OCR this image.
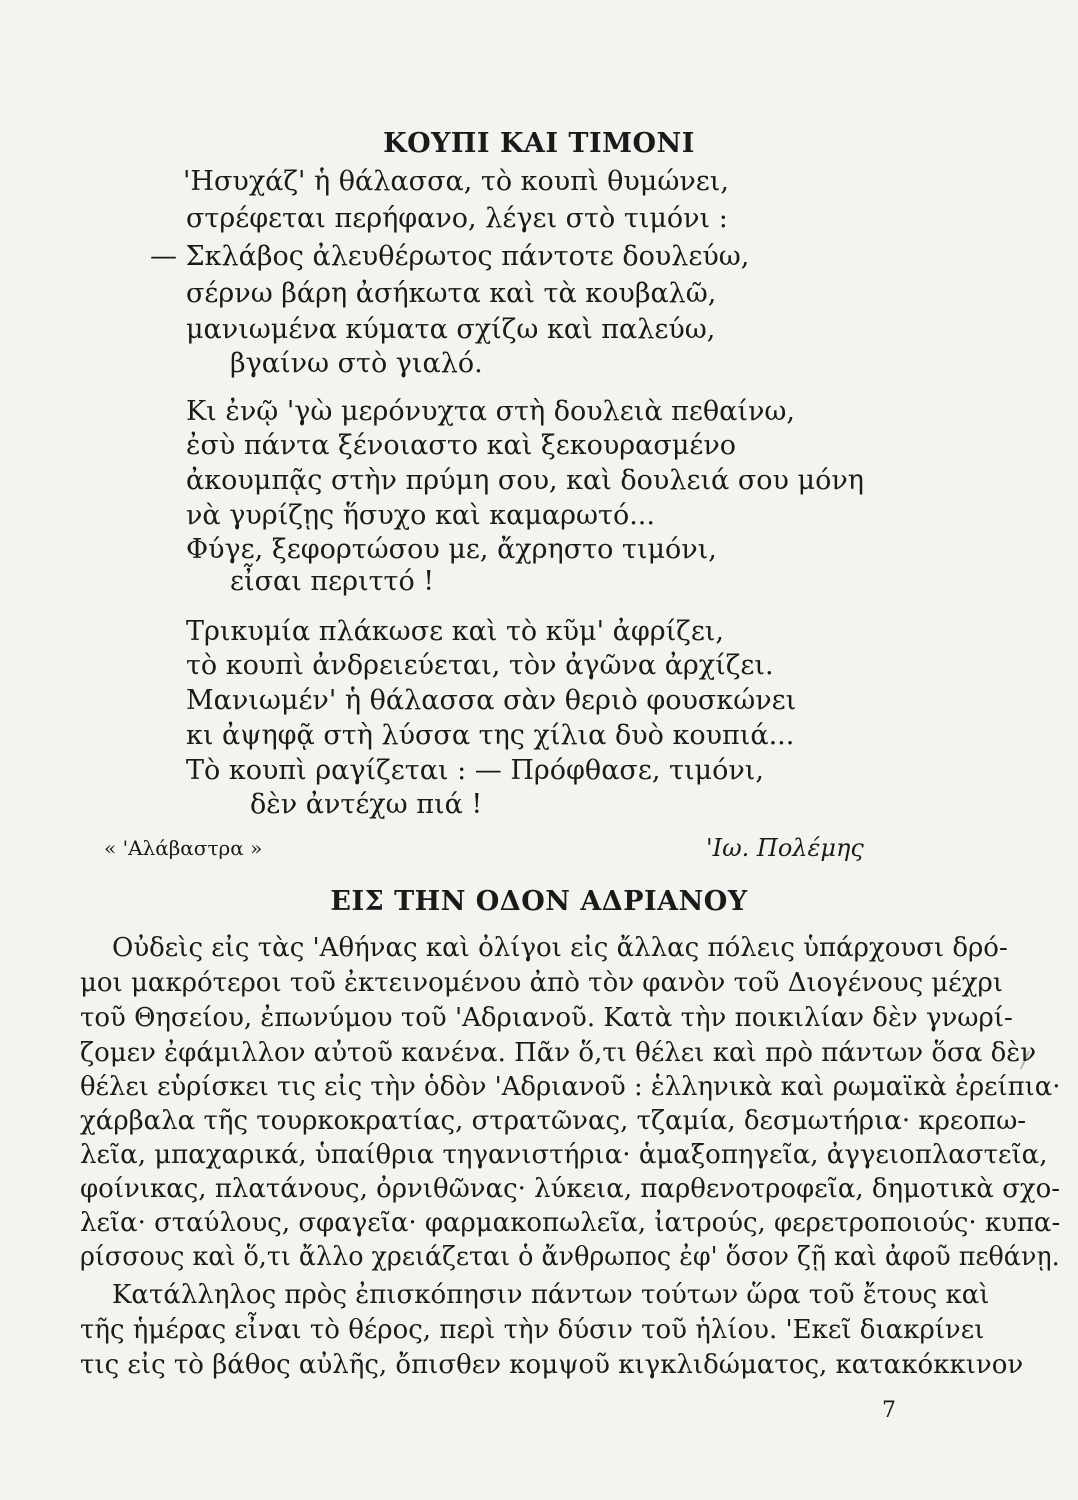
ΚΟΥΠΙ ΚΑΙ ΤΙΜΟΝΙ
'Ησυχάζ' ἡ θάλασσα, τὸ κουπὶ θυμώνει,
στρέφεται περήφανο, λέγει στὸ τιμόνι :
— Σκλάβος ἀλευθέρωτος πάντοτε δουλεύω,
σέρνω βάρη ἀσήκωτα καὶ τὰ κουβαλῶ,
μανιωμένα κύματα σχίζω καὶ παλεύω,
βγαίνω στὸ γιαλό.
Κι ἐνῷ 'γὼ μερόνυχτα στὴ δουλειὰ πεθαίνω,
ἐσὺ πάντα ξένοιαστο καὶ ξεκουρασμένο
ἀκουμπᾷς στὴν πρύμη σου, καὶ δουλειά σου μόνη
νὰ γυρίζῃς ἥσυχο καὶ καμαρωτό...
Φύγε, ξεφορτώσου με, ἄχρηστο τιμόνι,
εἶσαι περιττό !
Τρικυμία πλάκωσε καὶ τὸ κῦμ' ἀφρίζει,
τὸ κουπὶ ἀνδρειεύεται, τὸν ἀγῶνα ἀρχίζει.
Μανιωμέν' ἡ θάλασσα σὰν θεριὸ φουσκώνει
κι ἀψηφᾷ στὴ λύσσα της χίλια δυὸ κουπιά...
Τὸ κουπὶ ραγίζεται : — Πρόφθασε, τιμόνι,
δὲν ἀντέχω πιά !
« 'Αλάβαστρα »	'Ιω. Πολέμης
ΕΙΣ ΤΗΝ ΟΔΟΝ ΑΔΡΙΑΝΟΥ
Οὐδεὶς εἰς τὰς 'Αθήνας καὶ ὀλίγοι εἰς ἄλλας πόλεις ὑπάρχουσι δρό-
μοι μακρότεροι τοῦ ἐκτεινομένου ἀπὸ τὸν φανὸν τοῦ Διογένους μέχρι
τοῦ Θησείου, ἐπωνύμου τοῦ 'Αδριανοῦ. Κατὰ τὴν ποικιλίαν δὲν γνωρί-
ζομεν ἐφάμιλλον αὐτοῦ κανένα. Πᾶν ὅ,τι θέλει καὶ πρὸ πάντων ὅσα δὲν
θέλει εὑρίσκει τις εἰς τὴν ὁδὸν 'Αδριανοῦ : ἑλληνικὰ καὶ ρωμαϊκὰ ἐρείπια·
χάρβαλα τῆς τουρκοκρατίας, στρατῶνας, τζαμία, δεσμωτήρια· κρεοπω-
λεῖα, μπαχαρικά, ὑπαίθρια τηγανιστήρια· ἁμαξοπηγεῖα, ἀγγειοπλαστεῖα,
φοίνικας, πλατάνους, ὀρνιθῶνας· λύκεια, παρθενοτροφεῖα, δημοτικὰ σχο-
λεῖα· σταύλους, σφαγεῖα· φαρμακοπωλεῖα, ἰατρούς, φερετροποιούς· κυπα-
ρίσσους καὶ ὅ,τι ἄλλο χρειάζεται ὁ ἄνθρωπος ἐφ' ὅσον ζῇ καὶ ἀφοῦ πεθάνῃ.
Κατάλληλος πρὸς ἐπισκόπησιν πάντων τούτων ὥρα τοῦ ἔτους καὶ
τῆς ἡμέρας εἶναι τὸ θέρος, περὶ τὴν δύσιν τοῦ ἡλίου. 'Εκεῖ διακρίνει
τις εἰς τὸ βάθος αὐλῆς, ὄπισθεν κομψοῦ κιγκλιδώματος, κατακόκκινον
7
